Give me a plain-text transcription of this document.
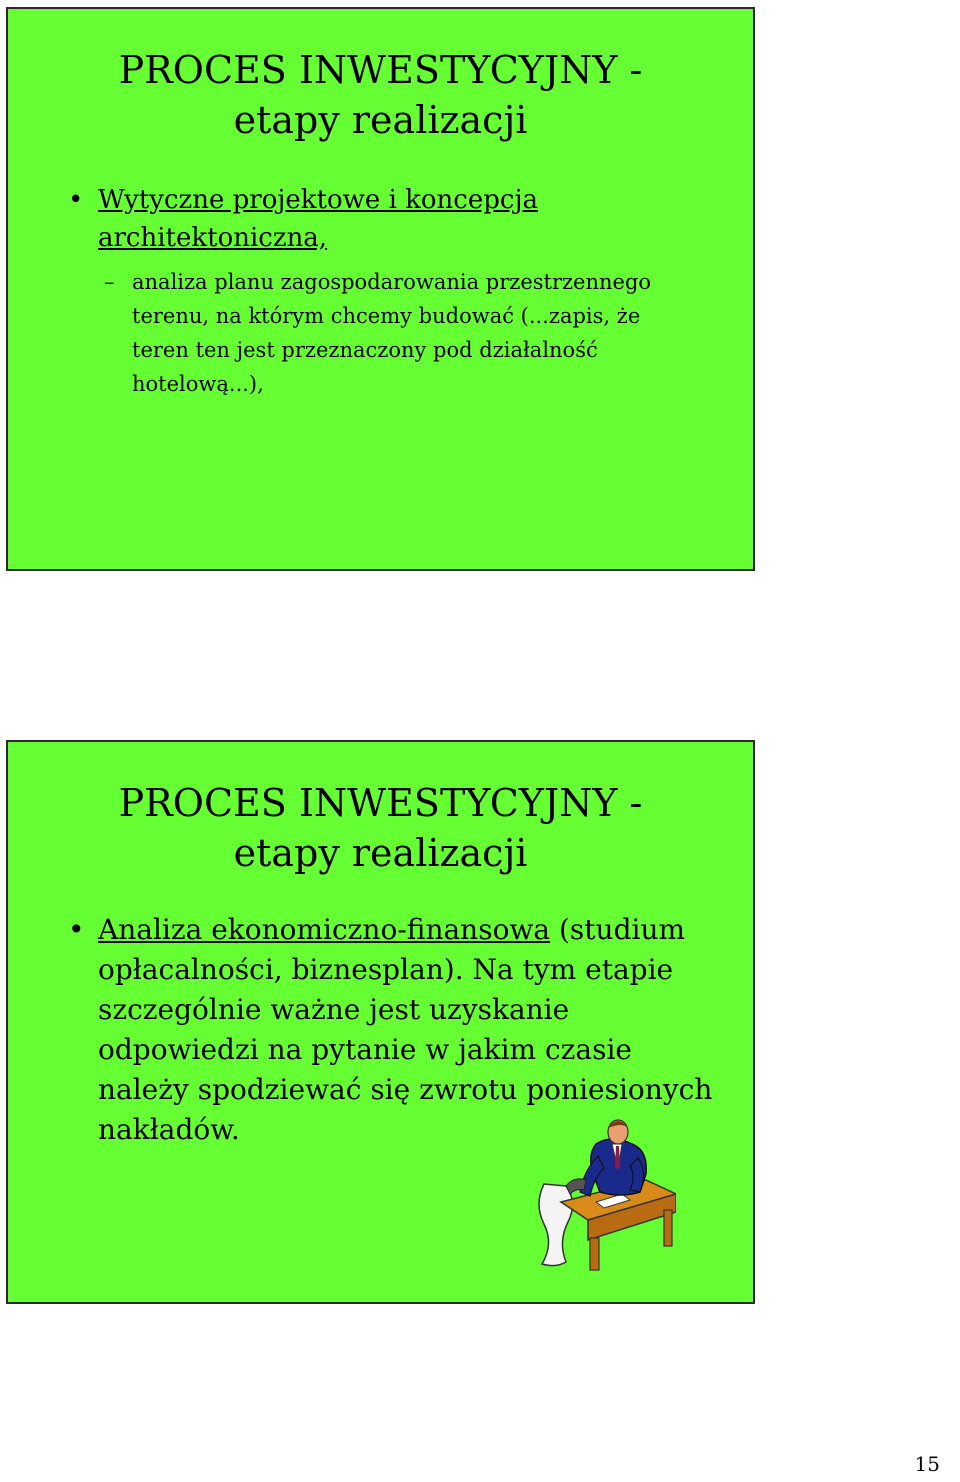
PROCES INWESTYCYJNY -
etapy realizacji
• Wytyczne projektowe i koncepcja architektoniczna,
– analiza planu zagospodarowania przestrzennego terenu, na którym chcemy budować (...zapis, że teren ten jest przeznaczony pod działalność hotelową...),
PROCES INWESTYCYJNY -
etapy realizacji
• Analiza ekonomiczno-finansowa (studium opłacalności, biznesplan). Na tym etapie szczególnie ważne jest uzyskanie odpowiedzi na pytanie w jakim czasie należy spodziewać się zwrotu poniesionych nakładów.
15
